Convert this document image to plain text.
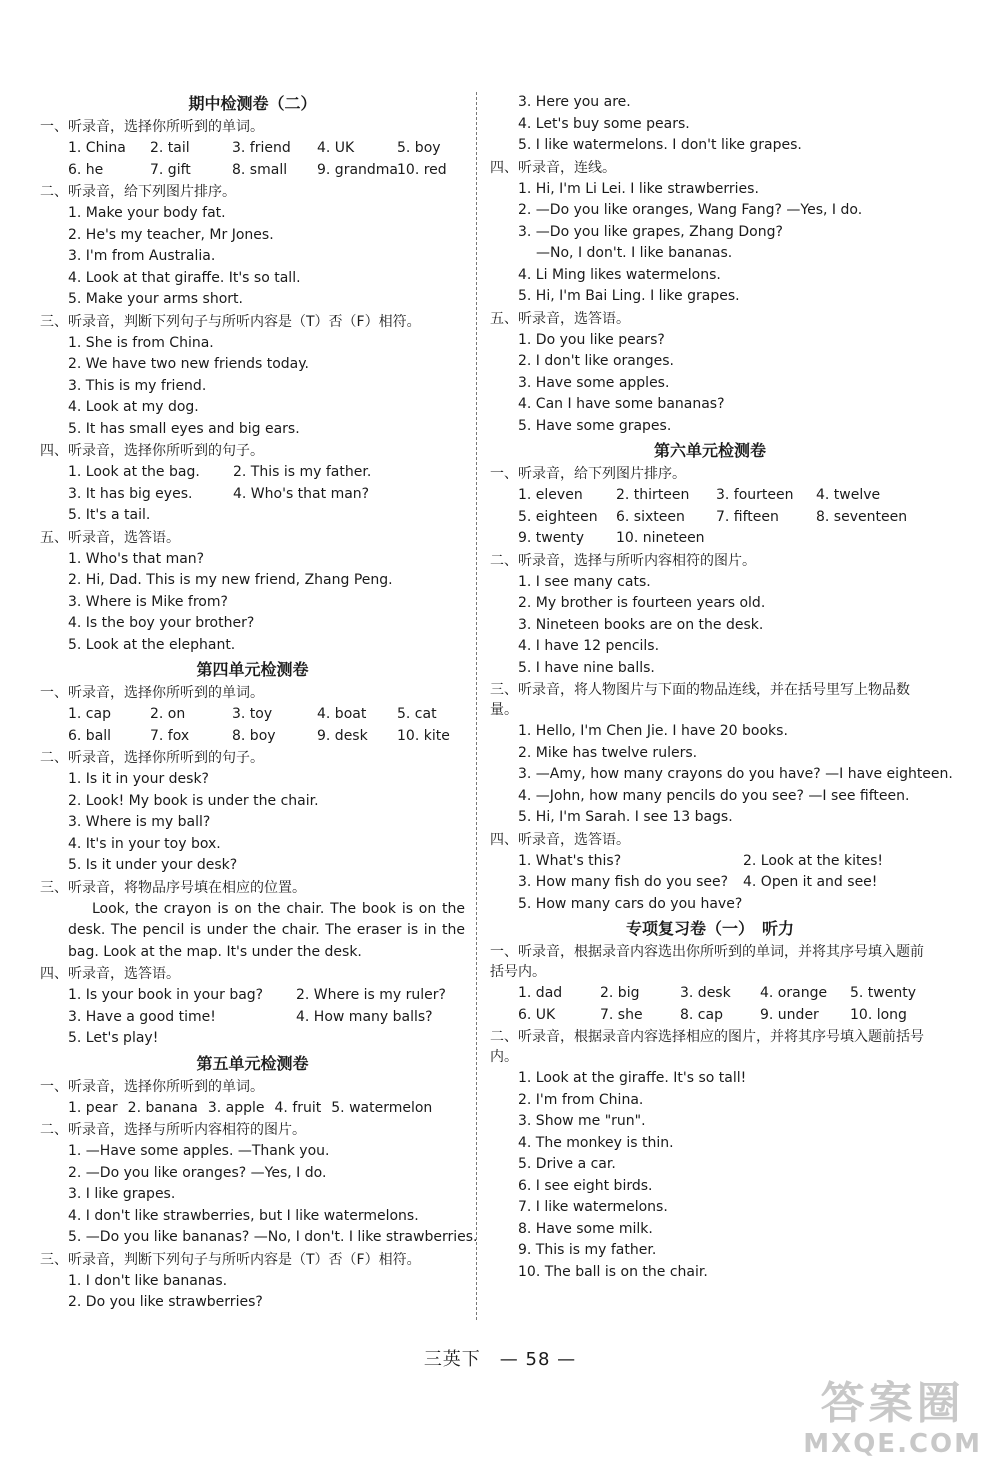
期中检测卷（二）
一、听录音，选择你所听到的单词。
1. China	2. tail	3. friend	4. UK	5. boy
6. he	7. gift	8. small	9. grandma
10. red
二、听录音，给下列图片排序。
1. Make your body fat.
2. He's my teacher, Mr Jones.
3. I'm from Australia.
4. Look at that giraffe. It's so tall.
5. Make your arms short.
三、听录音，判断下列句子与所听内容是（T）否（F）相符。
1. She is from China.
2. We have two new friends today.
3. This is my friend.
4. Look at my dog.
5. It has small eyes and big ears.
四、听录音，选择你所听到的句子。
1. Look at the bag.	2. This is my father.
3. It has big eyes.	4. Who's that man?
5. It's a tail.
五、听录音，选答语。
1. Who's that man?
2. Hi, Dad. This is my new friend, Zhang Peng.
3. Where is Mike from?
4. Is the boy your brother?
5. Look at the elephant.
第四单元检测卷
一、听录音，选择你所听到的单词。
1. cap	2. on	3. toy	4. boat	5. cat
6. ball	7. fox	8. boy	9. desk	10. kite
二、听录音，选择你所听到的句子。
1. Is it in your desk?
2. Look! My book is under the chair.
3. Where is my ball?
4. It's in your toy box.
5. Is it under your desk?
三、听录音，将物品序号填在相应的位置。
Look, the crayon is on the chair. The book is on the desk. The pencil is under the chair. The eraser is in the bag. Look at the map. It's under the desk.
四、听录音，选答语。
1. Is your book in your bag?	2. Where is my ruler?
3. Have a good time!	4. How many balls?
5. Let's play!
第五单元检测卷
一、听录音，选择你所听到的单词。
1. pear 2. banana 3. apple 4. fruit 5. watermelon
二、听录音，选择与所听内容相符的图片。
1. —Have some apples. —Thank you.
2. —Do you like oranges? —Yes, I do.
3. I like grapes.
4. I don't like strawberries, but I like watermelons.
5. —Do you like bananas? —No, I don't. I like strawberries.
三、听录音，判断下列句子与所听内容是（T）否（F）相符。
1. I don't like bananas.
2. Do you like strawberries?
3. Here you are.
4. Let's buy some pears.
5. I like watermelons. I don't like grapes.
四、听录音，连线。
1. Hi, I'm Li Lei. I like strawberries.
2. —Do you like oranges, Wang Fang? —Yes, I do.
3. —Do you like grapes, Zhang Dong?
—No, I don't. I like bananas.
4. Li Ming likes watermelons.
5. Hi, I'm Bai Ling. I like grapes.
五、听录音，选答语。
1. Do you like pears?
2. I don't like oranges.
3. Have some apples.
4. Can I have some bananas?
5. Have some grapes.
第六单元检测卷
一、听录音，给下列图片排序。
1. eleven	2. thirteen	3. fourteen	4. twelve
5. eighteen	6. sixteen	7. fifteen	8. seventeen
9. twenty	10. nineteen
二、听录音，选择与所听内容相符的图片。
1. I see many cats.
2. My brother is fourteen years old.
3. Nineteen books are on the desk.
4. I have 12 pencils.
5. I have nine balls.
三、听录音，将人物图片与下面的物品连线，并在括号里写上物品数量。
1. Hello, I'm Chen Jie. I have 20 books.
2. Mike has twelve rulers.
3. —Amy, how many crayons do you have? —I have eighteen.
4. —John, how many pencils do you see? —I see fifteen.
5. Hi, I'm Sarah. I see 13 bags.
四、听录音，选答语。
1. What's this?	2. Look at the kites!
3. How many fish do you see?	4. Open it and see!
5. How many cars do you have?
专项复习卷（一）　听力
一、听录音，根据录音内容选出你所听到的单词，并将其序号填入题前括号内。
1. dad	2. big	3. desk	4. orange	5. twenty
6. UK	7. she	8. cap	9. under	10. long
二、听录音，根据录音内容选择相应的图片，并将其序号填入题前括号内。
1. Look at the giraffe. It's so tall!
2. I'm from China.
3. Show me "run".
4. The monkey is thin.
5. Drive a car.
6. I see eight birds.
7. I like watermelons.
8. Have some milk.
9. This is my father.
10. The ball is on the chair.
三英下　— 58 —
答案圈
MXQE.COM
